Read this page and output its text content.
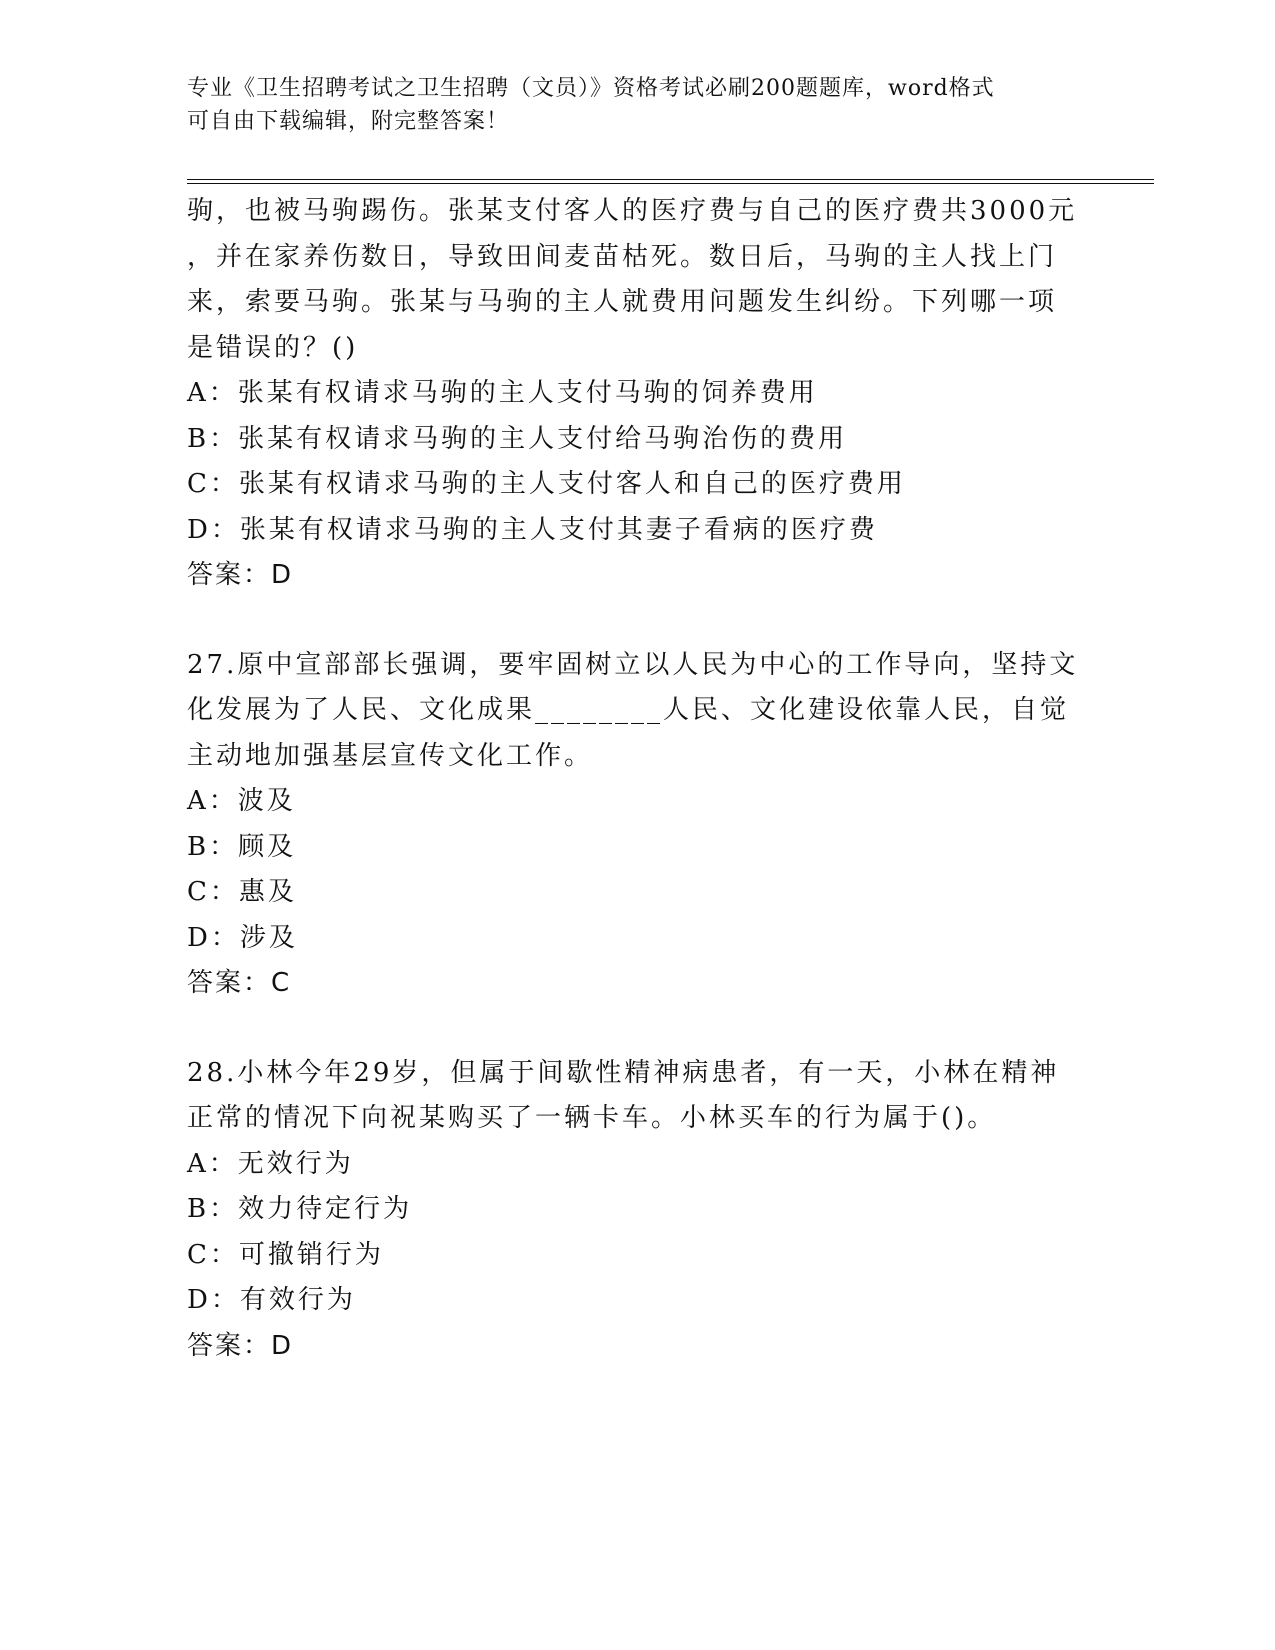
专业《卫生招聘考试之卫生招聘（文员）》资格考试必刷200题题库，word格式
可自由下载编辑，附完整答案！
驹，也被马驹踢伤。张某支付客人的医疗费与自己的医疗费共3000元
，并在家养伤数日，导致田间麦苗枯死。数日后，马驹的主人找上门
来，索要马驹。张某与马驹的主人就费用问题发生纠纷。下列哪一项
是错误的？()
A：张某有权请求马驹的主人支付马驹的饲养费用
B：张某有权请求马驹的主人支付给马驹治伤的费用
C：张某有权请求马驹的主人支付客人和自己的医疗费用
D：张某有权请求马驹的主人支付其妻子看病的医疗费
答案：D
27.原中宣部部长强调，要牢固树立以人民为中心的工作导向，坚持文
化发展为了人民、文化成果________人民、文化建设依靠人民，自觉
主动地加强基层宣传文化工作。
A：波及
B：顾及
C：惠及
D：涉及
答案：C
28.小林今年29岁，但属于间歇性精神病患者，有一天，小林在精神
正常的情况下向祝某购买了一辆卡车。小林买车的行为属于()。
A：无效行为
B：效力待定行为
C：可撤销行为
D：有效行为
答案：D
